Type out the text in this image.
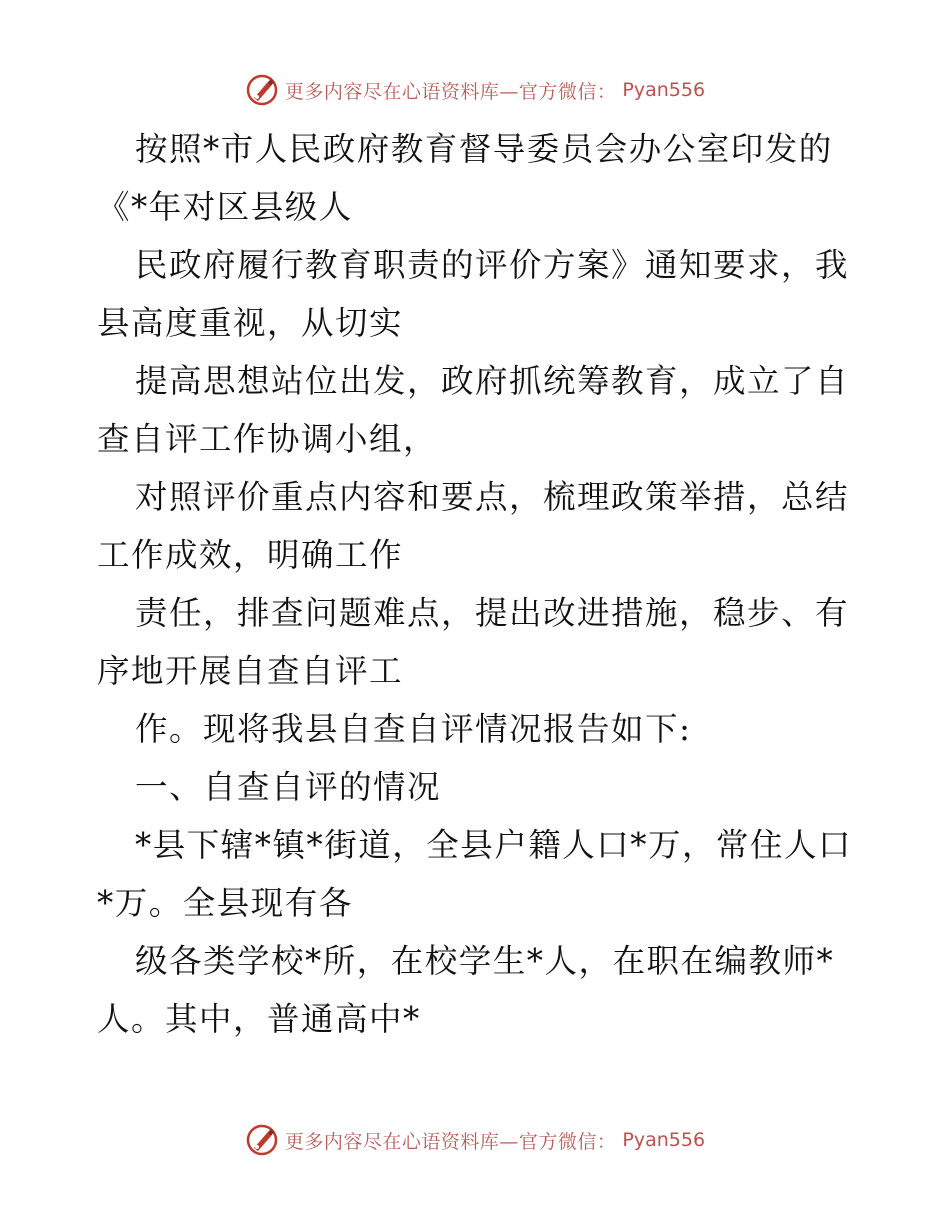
更多内容尽在心语资料库—官方微信： Pyan556
按照*市人民政府教育督导委员会办公室印发的
《*年对区县级人
民政府履行教育职责的评价方案》通知要求，我
县高度重视，从切实
提高思想站位出发，政府抓统筹教育，成立了自
查自评工作协调小组，
对照评价重点内容和要点，梳理政策举措，总结
工作成效，明确工作
责任，排查问题难点，提出改进措施，稳步、有
序地开展自查自评工
作。现将我县自查自评情况报告如下:
一、自查自评的情况
*县下辖*镇*街道，全县户籍人口*万，常住人口
*万。全县现有各
级各类学校*所，在校学生*人，在职在编教师*
人。其中，普通高中*
更多内容尽在心语资料库—官方微信： Pyan556
